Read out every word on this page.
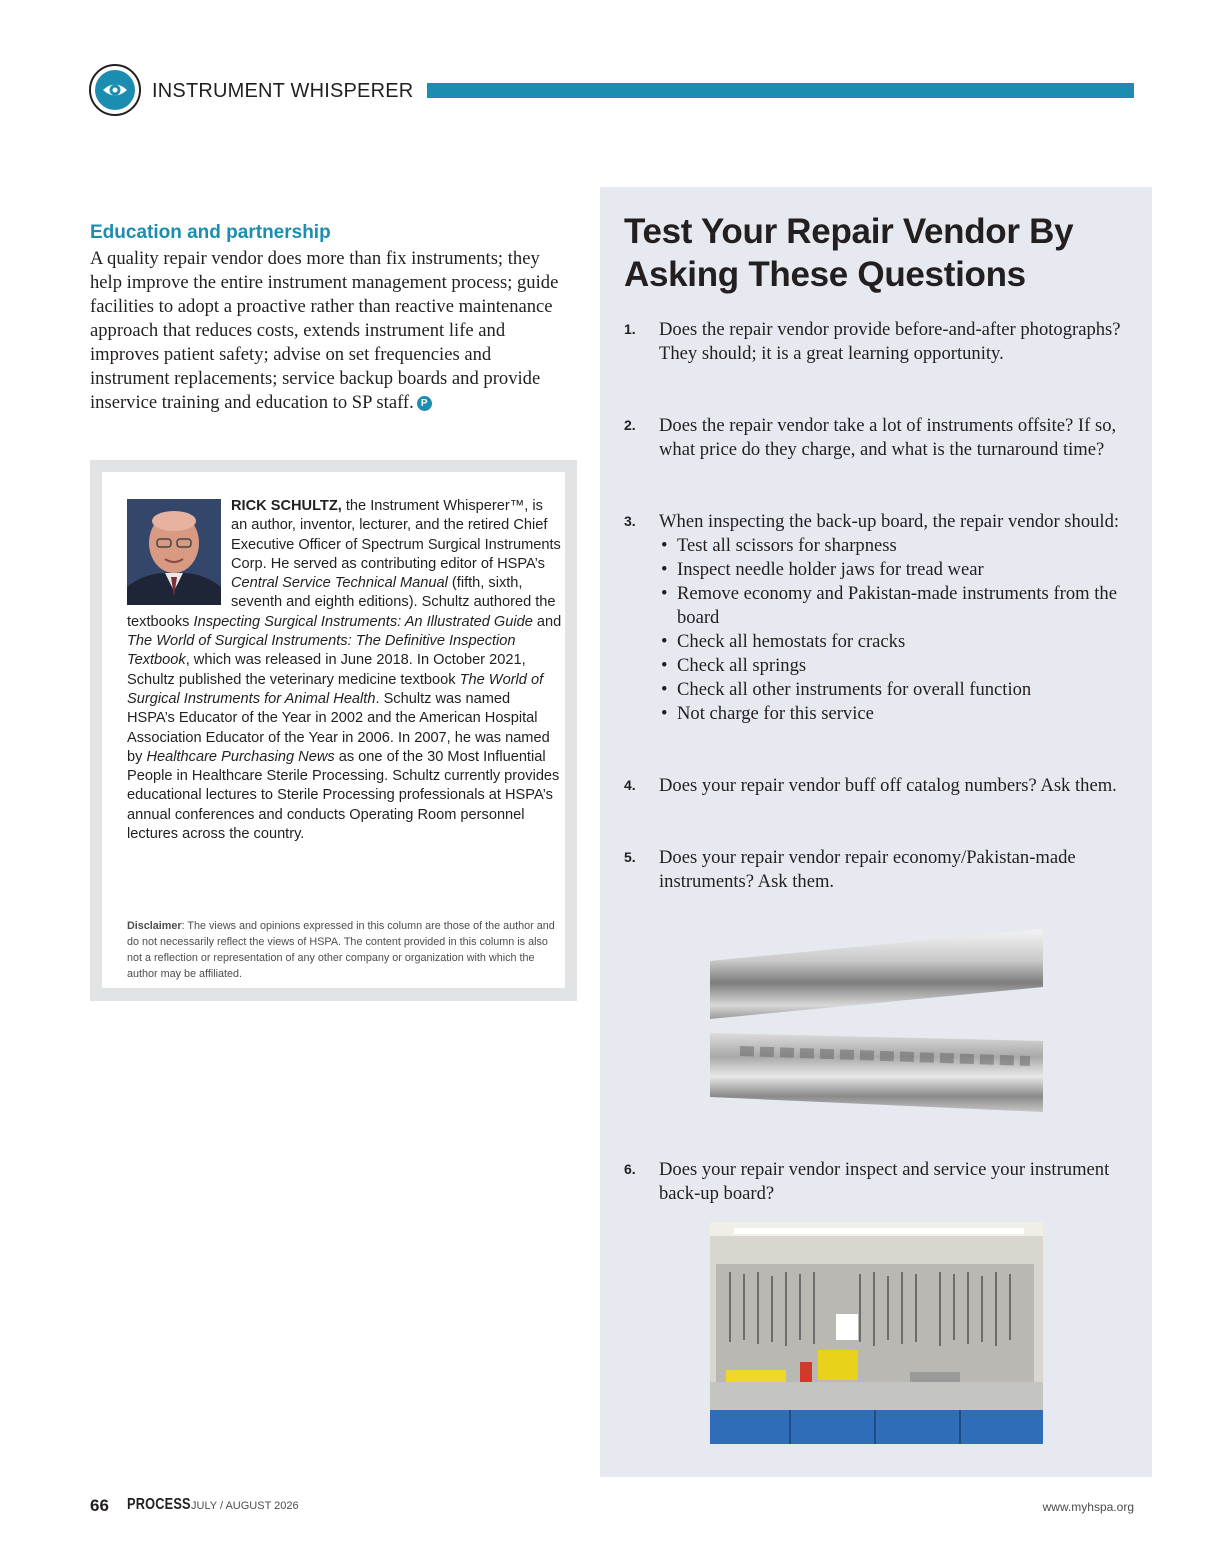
INSTRUMENT WHISPERER
Education and partnership

A quality repair vendor does more than fix instruments; they help improve the entire instrument management process; guide facilities to adopt a proactive rather than reactive maintenance approach that reduces costs, extends instrument life and improves patient safety; advise on set frequencies and instrument replacements; service backup boards and provide inservice training and education to SP staff. P

RICK SCHULTZ, the Instrument Whisperer™, is an author, inventor, lecturer, and the retired Chief Executive Officer of Spectrum Surgical Instruments Corp. He served as contributing editor of HSPA’s Central Service Technical Manual (fifth, sixth, seventh and eighth editions). Schultz authored the textbooks Inspecting Surgical Instruments: An Illustrated Guide and The World of Surgical Instruments: The Definitive Inspection Textbook, which was released in June 2018. In October 2021, Schultz published the veterinary medicine textbook The World of Surgical Instruments for Animal Health. Schultz was named HSPA’s Educator of the Year in 2002 and the American Hospital Association Educator of the Year in 2006. In 2007, he was named by Healthcare Purchasing News as one of the 30 Most Influential People in Healthcare Sterile Processing. Schultz currently provides educational lectures to Sterile Processing professionals at HSPA’s annual conferences and conducts Operating Room personnel lectures across the country.

Disclaimer: The views and opinions expressed in this column are those of the author and do not necessarily reflect the views of HSPA. The content provided in this column is also not a reflection or representation of any other company or organization with which the author may be affiliated.

Test Your Repair Vendor By Asking These Questions
1. Does the repair vendor provide before-and-after photographs? They should; it is a great learning opportunity.
2. Does the repair vendor take a lot of instruments offsite? If so, what price do they charge, and what is the turnaround time?
3. When inspecting the back-up board, the repair vendor should:
• Test all scissors for sharpness
• Inspect needle holder jaws for tread wear
• Remove economy and Pakistan-made instruments from the board
• Check all hemostats for cracks
• Check all springs
• Check all other instruments for overall function
• Not charge for this service
4. Does your repair vendor buff off catalog numbers? Ask them.
5. Does your repair vendor repair economy/Pakistan-made instruments? Ask them.
6. Does your repair vendor inspect and service your instrument back-up board?
66 PROCESS JULY / AUGUST 2026	www.myhspa.org
